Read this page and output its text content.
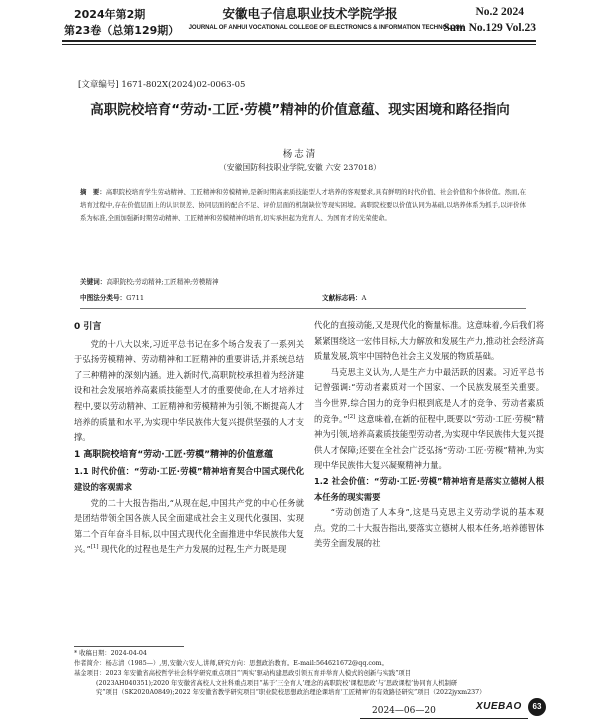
2024年第2期
第23卷（总第129期）
安徽电子信息职业技术学院学报
JOURNAL OF ANHUI VOCATIONAL COLLEGE OF ELECTRONICS & INFORMATION TECHNOLOGY
No.2 2024
Sum No.129 Vol.23
[文章编号] 1671-802X(2024)02-0063-05
高职院校培育“劳动·工匠·劳模”精神的价值意蕴、现实困境和路径指向
杨志清
（安徽国防科技职业学院,安徽 六安 237018）
摘　要：高职院校培育学生劳动精神、工匠精神和劳模精神,是新时期高素质技能型人才培养的客观要求,具有鲜明的时代价值、社会价值和个体价值。然而,在培育过程中,存在价值层面上的认识误差、协同层面的配合不足、评价层面的机制缺位等现实困境。高职院校要以价值认同为基础,以培养体系为抓手,以评价体系为标准,全面加强新时期劳动精神、工匠精神和劳模精神的培育,切实承担起为党育人、为国育才的光荣使命。
关键词：高职院校;劳动精神;工匠精神;劳模精神
中图法分类号：G711	文献标志码：A
0 引言

党的十八大以来,习近平总书记在多个场合发表了一系列关于弘扬劳模精神、劳动精神和工匠精神的重要讲话,并系统总结了三种精神的深刻内涵。进入新时代,高职院校承担着为经济建设和社会发展培养高素质技能型人才的重要使命,在人才培养过程中,要以劳动精神、工匠精神和劳模精神为引领,不断提高人才培养的质量和水平,为实现中华民族伟大复兴提供坚强的人才支撑。

1 高职院校培育“劳动·工匠·劳模”精神的价值意蕴
1.1 时代价值：“劳动·工匠·劳模”精神培育契合中国式现代化建设的客观需求

党的二十大报告指出,“从现在起,中国共产党的中心任务就是团结带领全国各族人民全面建成社会主义现代化强国、实现第二个百年奋斗目标,以中国式现代化全面推进中华民族伟大复兴。”[1] 现代化的过程也是生产力发展的过程,生产力既是现

代化的直接动能,又是现代化的衡量标准。这意味着,今后我们将紧紧围绕这一宏伟目标,大力解放和发展生产力,推动社会经济高质量发展,筑牢中国特色社会主义发展的物质基础。

马克思主义认为,人是生产力中最活跃的因素。习近平总书记曾强调:“劳动者素质对一个国家、一个民族发展至关重要。当今世界,综合国力的竞争归根到底是人才的竞争、劳动者素质的竞争。”[2] 这意味着,在新的征程中,既要以“劳动·工匠·劳模”精神为引领,培养高素质技能型劳动者,为实现中华民族伟大复兴提供人才保障;还要在全社会广泛弘扬“劳动·工匠·劳模”精神,为实现中华民族伟大复兴凝聚精神力量。

1.2 社会价值：“劳动·工匠·劳模”精神培育是落实立德树人根本任务的现实需要

“劳动创造了人本身”,这是马克思主义劳动学说的基本观点。党的二十大报告指出,要落实立德树人根本任务,培养德智体美劳全面发展的社

* 收稿日期：2024-04-04
作者简介：杨志清（1985—）,男,安徽六安人,讲师,研究方向：思想政治教育。E-mail:564621672@qq.com。
基金项目：2023 年安徽省高校哲学社会科学研究重点项目“‘两实’驱动构建思政引领五育并举育人模式的创新与实践”项目
(2023AH040351);2020 年安徽省高校人文社科重点项目“基于‘三全育人’理念的高职院校‘课程思政’与‘思政课程’协同育人机制研
究”项目（SK2020A0849);2022 年安徽省教学研究项目“职业院校思想政治理论课培育‘工匠精神’的有效路径研究”项目（2022jyxm237）
2024—06—20	XUEBAO	63
